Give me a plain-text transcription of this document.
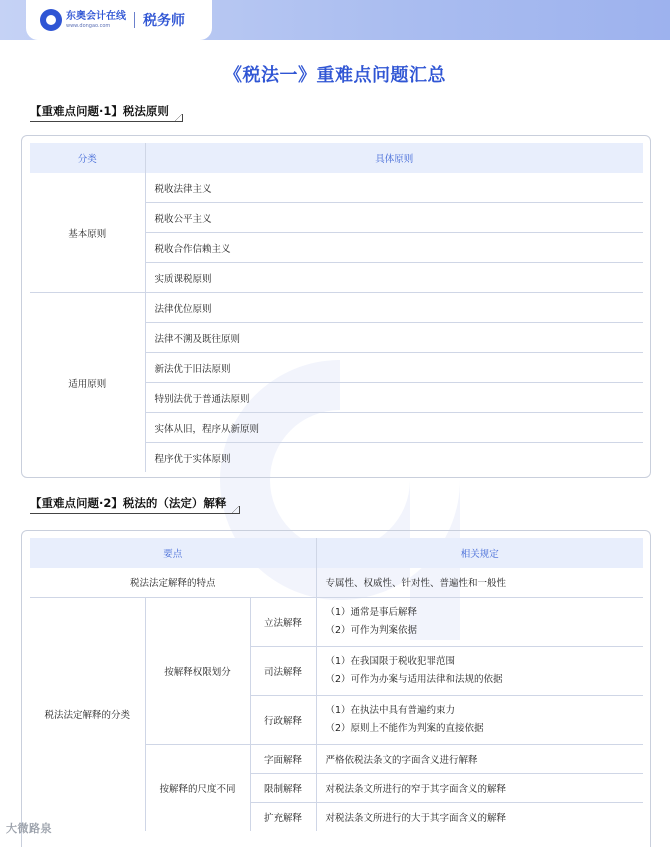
东奥会计在线
www.dongao.com	税务师
《税法一》重难点问题汇总
【重难点问题·1】税法原则
分类	具体原则
基本原则	税收法律主义
	税收公平主义
	税收合作信赖主义
	实质课税原则
适用原则	法律优位原则
	法律不溯及既往原则
	新法优于旧法原则
	特别法优于普通法原则
	实体从旧，程序从新原则
	程序优于实体原则
【重难点问题·2】税法的（法定）解释
要点			相关规定
税法法定解释的特点			专属性、权威性、针对性、普遍性和一般性
税法法定解释的分类	按解释权限划分	立法解释	（1）通常是事后解释
（2）可作为判案依据

		司法解释	（1）在我国限于税收犯罪范围
（2）可作为办案与适用法律和法规的依据

		行政解释	（1）在执法中具有普遍约束力
（2）原则上不能作为判案的直接依据

	按解释的尺度不同	字面解释	严格依税法条文的字面含义进行解释
		限制解释	对税法条文所进行的窄于其字面含义的解释
		扩充解释	对税法条文所进行的大于其字面含义的解释
大微路泉
